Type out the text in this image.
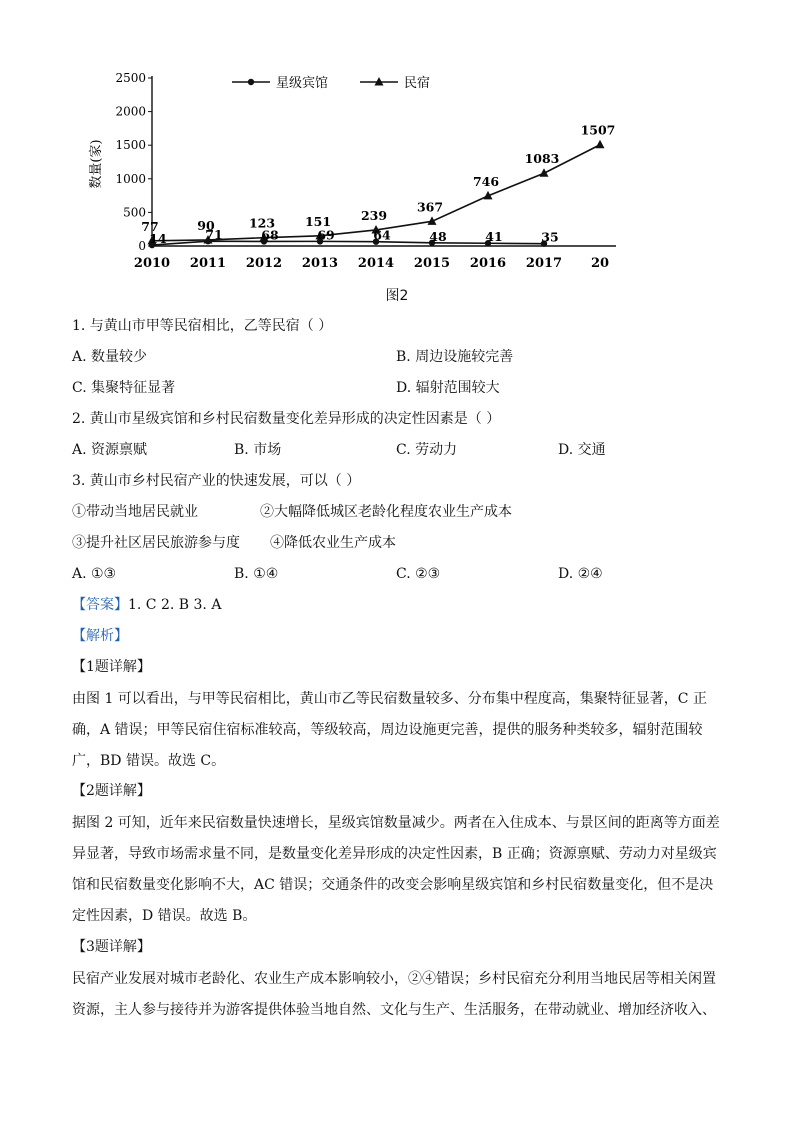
2500
2000
1500
1000
500
0
数量(家)
2010 2011 2012 2013 2014 2015 2016 2017 20
77	90	123 151 239
367
746
1083
1507
14	71	68	69	64	48	41	35
星级宾馆	民宿
图2
1. 与黄山市甲等民宿相比，乙等民宿（ ）
A. 数量较少	B. 周边设施较完善
C. 集聚特征显著	D. 辐射范围较大
2. 黄山市星级宾馆和乡村民宿数量变化差异形成的决定性因素是（ ）
A. 资源禀赋	B. 市场	C. 劳动力	D. 交通
3. 黄山市乡村民宿产业的快速发展，可以（ ）
①带动当地居民就业	②大幅降低城区老龄化程度农业生产成本
③提升社区居民旅游参与度 ④降低农业生产成本
A. ①③	B. ①④	C. ②③	D. ②④
【答案】1. C 2. B 3. A
【解析】
【1题详解】
由图 1 可以看出，与甲等民宿相比，黄山市乙等民宿数量较多、分布集中程度高，集聚特征显著，C 正
确，A 错误；甲等民宿住宿标准较高，等级较高，周边设施更完善，提供的服务种类较多，辐射范围较
广，BD 错误。故选 C。
【2题详解】
据图 2 可知，近年来民宿数量快速增长，星级宾馆数量减少。两者在入住成本、与景区间的距离等方面差
异显著，导致市场需求量不同，是数量变化差异形成的决定性因素，B 正确；资源禀赋、劳动力对星级宾
馆和民宿数量变化影响不大，AC 错误；交通条件的改变会影响星级宾馆和乡村民宿数量变化，但不是决
定性因素，D 错误。故选 B。
【3题详解】
民宿产业发展对城市老龄化、农业生产成本影响较小，②④错误；乡村民宿充分利用当地民居等相关闲置
资源，主人参与接待并为游客提供体验当地自然、文化与生产、生活服务，在带动就业、增加经济收入、
